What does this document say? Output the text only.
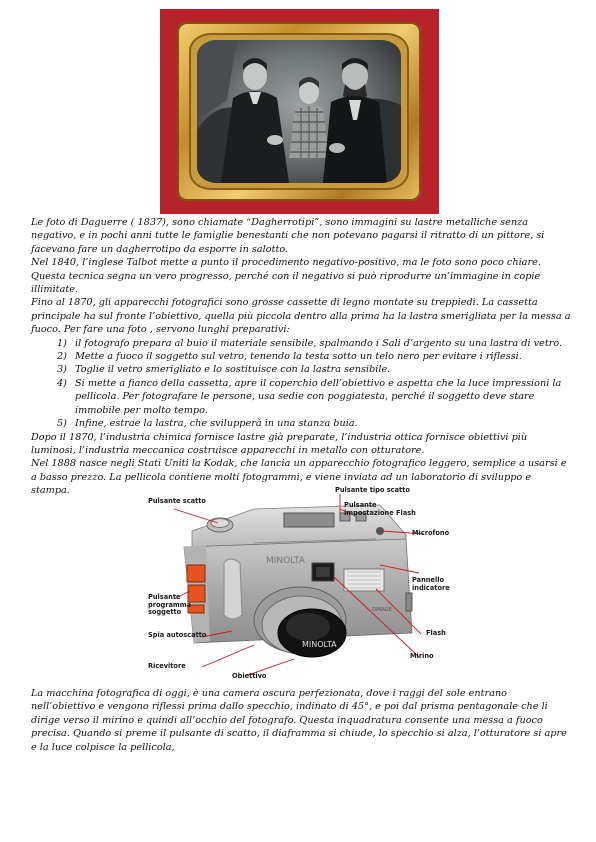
Le foto di Daguerre ( 1837), sono chiamate “Dagherrotipi”, sono immagini su lastre metalliche senza negativo, e in pochi anni tutte le famiglie benestanti che non potevano pagarsi il ritratto di un pittore, si facevano fare un dagherrotipo da esporre in salotto.

Nel 1840, l’inglese Talbot mette a punto il procedimento negativo-positivo, ma le foto sono poco chiare. Questa tecnica segna un vero progresso, perché con il negativo si può riprodurre un’immagine in copie illimitate.

Fino al 1870, gli apparecchi fotografici sono grosse cassette di legno montate su treppiedi. La cassetta principale ha sul fronte l’obiettivo, quella più piccola dentro alla prima ha la lastra smerigliata per la messa a fuoco. Per fare una foto , servono lunghi preparativi:

1) il fotografo prepara al buio il materiale sensibile, spalmando i Sali d’argento su una lastra di vetro.
2) Mette a fuoco il soggetto sul vetro, tenendo la testa sotto un telo nero per evitare i riflessi.
3) Toglie il vetro smerigliato e lo sostituisce con la lastra sensibile.
4) Si mette a fianco della cassetta, apre il coperchio dell’obiettivo e aspetta che la luce impressioni la pellicola. Per fotografare le persone, usa sedie con poggiatesta, perché il soggetto deve stare immobile per molto tempo.
5) Infine, estrae la lastra, che svilupperà in una stanza buia.

Dopo il 1870, l’industria chimica fornisce lastre già preparate, l’industria ottica fornisce obiettivi più luminosi, l’industria meccanica costruisce apparecchi in metallo con otturatore.

Nel 1888 nasce negli Stati Uniti la Kodak, che lancia un apparecchio fotografico leggero, semplice a usarsi e a basso prezzo. La pellicola contiene molti fotogrammi, e viene inviata ad un laboratorio di sviluppo e stampa.

MINOLTA
MINOLTA
DiMAGE
Pulsante scatto
Pulsante tipo scatto
Pulsante impostazione Flash
Microfono
Pannello indicatore
Pulsante programma soggetto
Spia autoscatto	Flash
Ricevitore
Obiettivo
Mirino

La macchina fotografica di oggi, è una camera oscura perfezionata, dove i raggi del sole entrano nell’obiettivo e vengono riflessi prima dallo specchio, indinato di 45°, e poi dal prisma pentagonale che li dirige verso il mirino e quindi all’occhio del fotografo. Questa inquadratura consente una messa a fuoco precisa. Quando si preme il pulsante di scatto, il diaframma si chiude, lo specchio si alza, l’otturatore si apre e la luce colpisce la pellicola,
